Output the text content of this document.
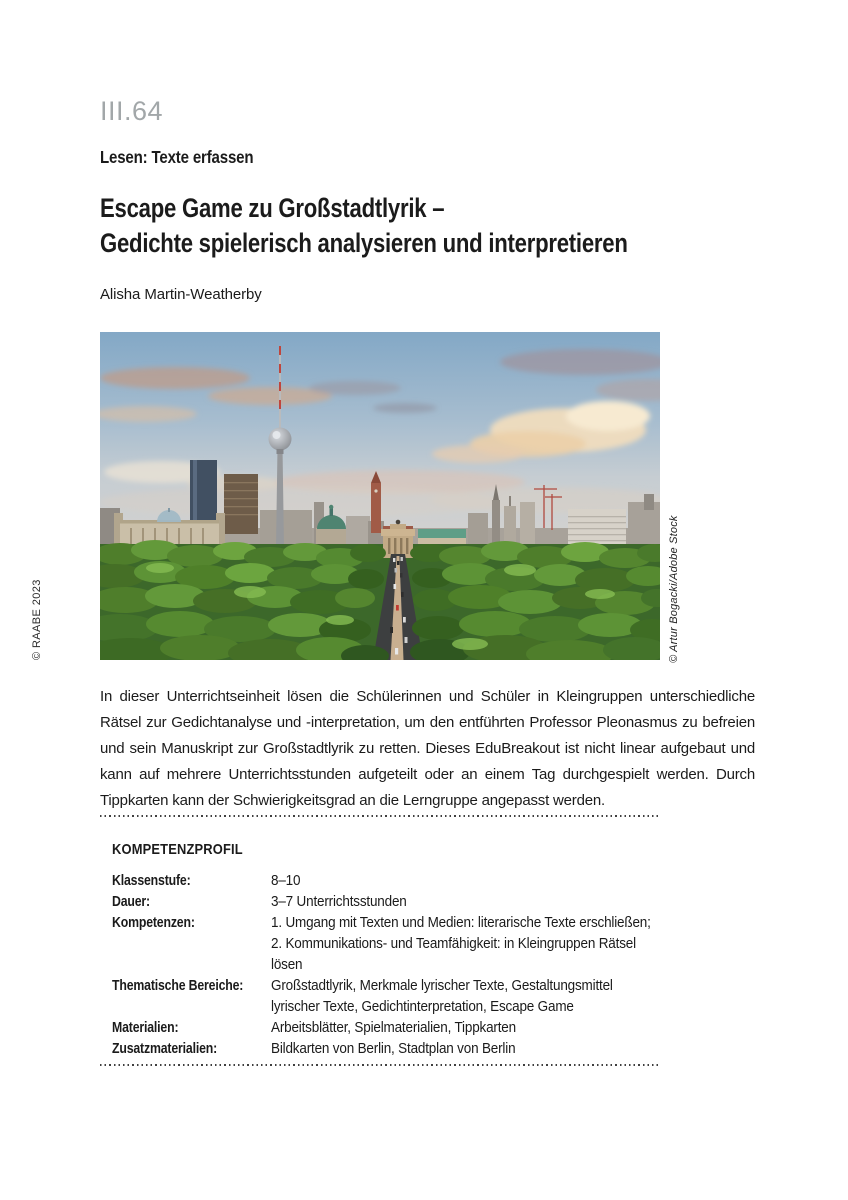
III.64
Lesen: Texte erfassen
Escape Game zu Großstadtlyrik –
Gedichte spielerisch analysieren und interpretieren
Alisha Martin-Weatherby
© RAABE 2023	© Artur Bogacki/Adobe Stock

In dieser Unterrichtseinheit lösen die Schülerinnen und Schüler in Kleingruppen unterschiedliche Rätsel zur Gedichtanalyse und -interpretation, um den entführten Professor Pleonasmus zu befreien und sein Manuskript zur Großstadtlyrik zu retten. Dieses EduBreakout ist nicht linear aufgebaut und kann auf mehrere Unterrichtsstunden aufgeteilt oder an einem Tag durchgespielt werden. Durch Tippkarten kann der Schwierigkeitsgrad an die Lerngruppe angepasst werden.

KOMPETENZPROFIL
Klassenstufe:	8–10
Dauer:	3–7 Unterrichtsstunden
Kompetenzen:	1. Umgang mit Texten und Medien: literarische Texte erschließen;
2. Kommunikations- und Teamfähigkeit: in Kleingruppen Rätsel
lösen
Thematische Bereiche:	Großstadtlyrik, Merkmale lyrischer Texte, Gestaltungsmittel
lyrischer Texte, Gedichtinterpretation, Escape Game
Materialien:	Arbeitsblätter, Spielmaterialien, Tippkarten
Zusatzmaterialien:	Bildkarten von Berlin, Stadtplan von Berlin
